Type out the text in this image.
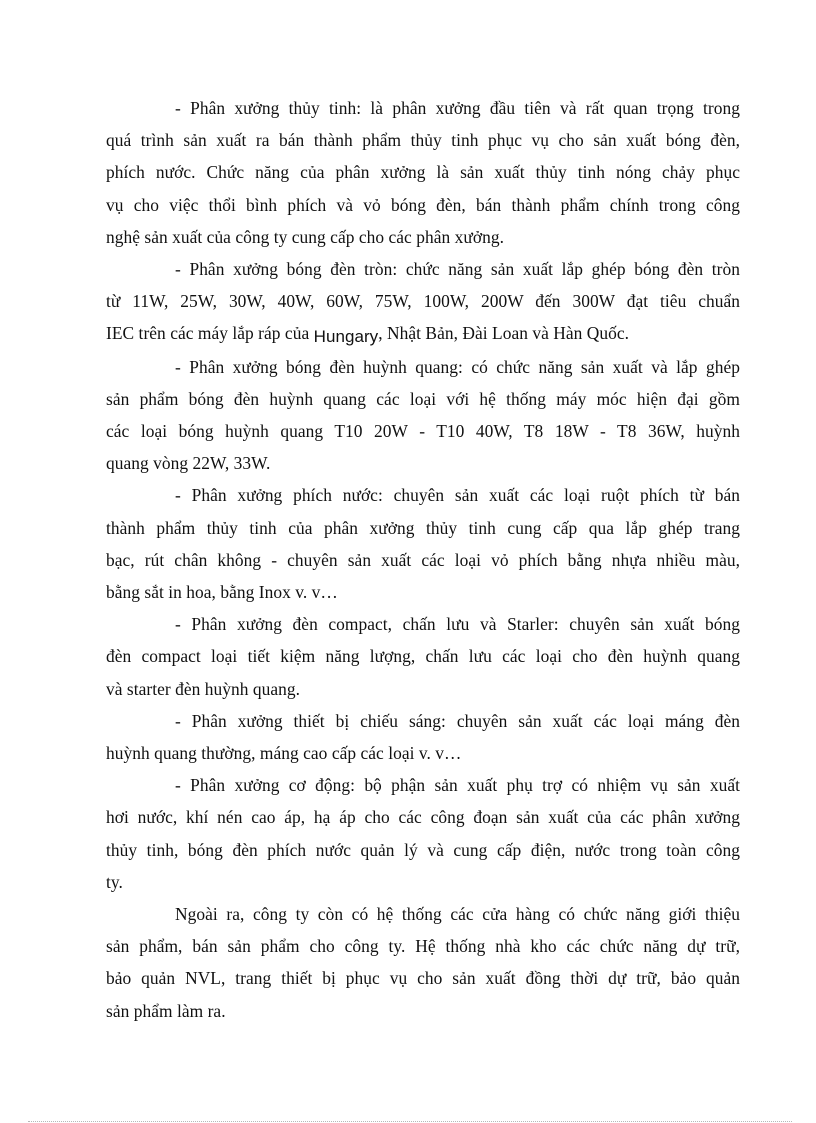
- Phân xưởng thủy tinh: là phân xưởng đầu tiên và rất quan trọng trong
quá trình sản xuất ra bán thành phẩm thủy tinh phục vụ cho sản xuất bóng đèn,
phích nước. Chức năng của phân xưởng là sản xuất thủy tinh nóng chảy phục
vụ cho việc thổi bình phích và vỏ bóng đèn, bán thành phẩm chính trong công
nghệ sản xuất của công ty cung cấp cho các phân xưởng.

- Phân xưởng bóng đèn tròn: chức năng sản xuất lắp ghép bóng đèn tròn
từ 11W, 25W, 30W, 40W, 60W, 75W, 100W, 200W đến 300W đạt tiêu chuẩn
IEC trên các máy lắp ráp của Hungary, Nhật Bản, Đài Loan và Hàn Quốc.

- Phân xưởng bóng đèn huỳnh quang: có chức năng sản xuất và lắp ghép
sản phẩm bóng đèn huỳnh quang các loại với hệ thống máy móc hiện đại gồm
các loại bóng huỳnh quang T10 20W - T10 40W, T8 18W - T8 36W, huỳnh
quang vòng 22W, 33W.

- Phân xưởng phích nước: chuyên sản xuất các loại ruột phích từ bán
thành phẩm thủy tinh của phân xưởng thủy tinh cung cấp qua lắp ghép trang
bạc, rút chân không - chuyên sản xuất các loại vỏ phích bằng nhựa nhiều màu,
bằng sắt in hoa, bằng Inox v. v…

- Phân xưởng đèn compact, chấn lưu và Starler: chuyên sản xuất bóng
đèn compact loại tiết kiệm năng lượng, chấn lưu các loại cho đèn huỳnh quang
và starter đèn huỳnh quang.

- Phân xưởng thiết bị chiếu sáng: chuyên sản xuất các loại máng đèn
huỳnh quang thường, máng cao cấp các loại v. v…

- Phân xưởng cơ động: bộ phận sản xuất phụ trợ có nhiệm vụ sản xuất
hơi nước, khí nén cao áp, hạ áp cho các công đoạn sản xuất của các phân xưởng
thủy tinh, bóng đèn phích nước quản lý và cung cấp điện, nước trong toàn công
ty.

Ngoài ra, công ty còn có hệ thống các cửa hàng có chức năng giới thiệu
sản phẩm, bán sản phẩm cho công ty. Hệ thống nhà kho các chức năng dự trữ,
bảo quản NVL, trang thiết bị phục vụ cho sản xuất đồng thời dự trữ, bảo quản
sản phẩm làm ra.
